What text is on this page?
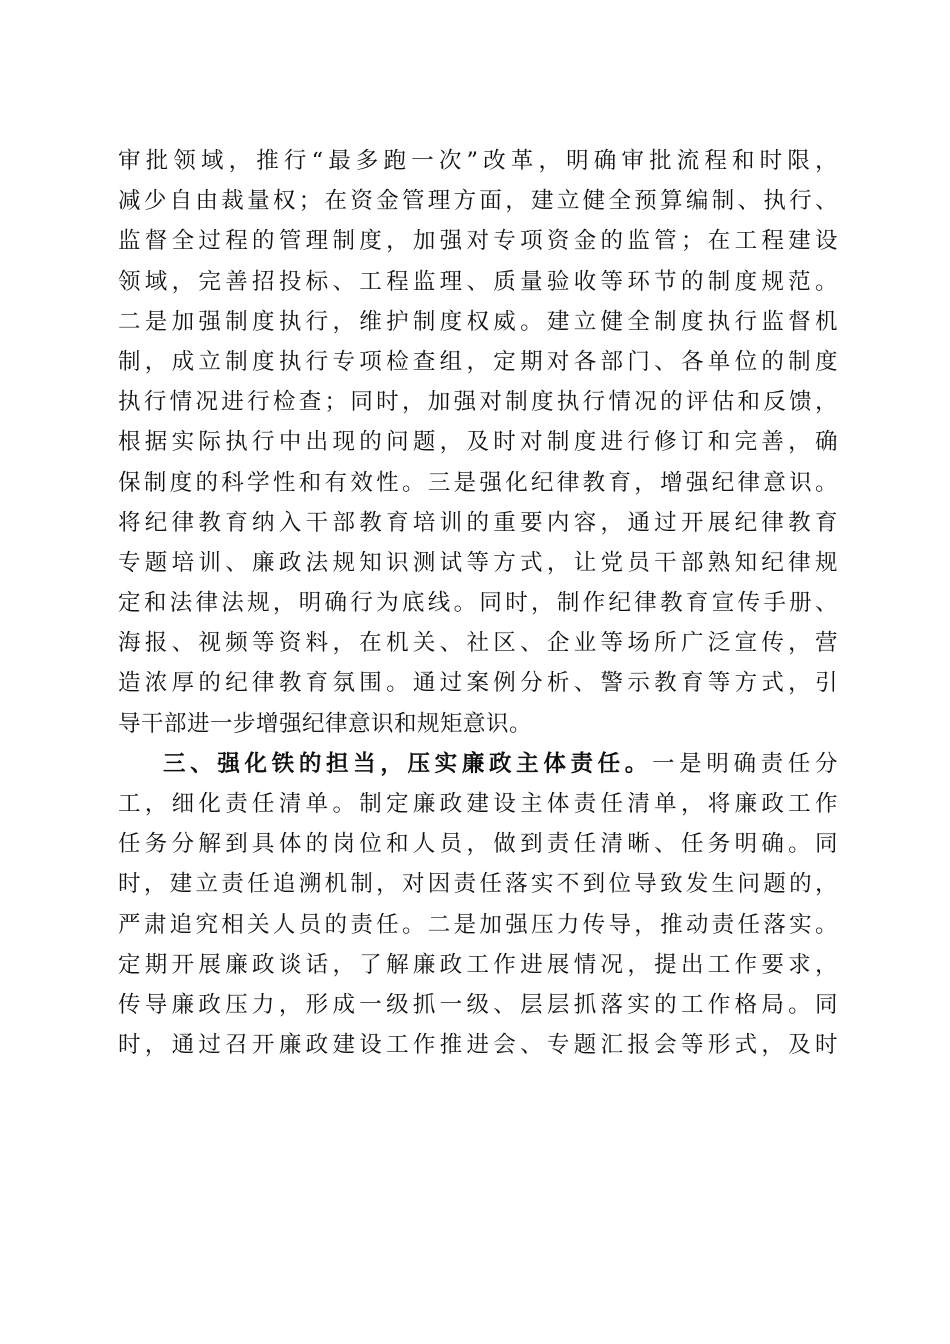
审批领域，推行“最多跑一次”改革，明确审批流程和时限，
减少自由裁量权；在资金管理方面，建立健全预算编制、执行、
监督全过程的管理制度，加强对专项资金的监管；在工程建设
领域，完善招投标、工程监理、质量验收等环节的制度规范。
二是加强制度执行，维护制度权威。建立健全制度执行监督机
制，成立制度执行专项检查组，定期对各部门、各单位的制度
执行情况进行检查；同时，加强对制度执行情况的评估和反馈，
根据实际执行中出现的问题，及时对制度进行修订和完善，确
保制度的科学性和有效性。三是强化纪律教育，增强纪律意识。
将纪律教育纳入干部教育培训的重要内容，通过开展纪律教育
专题培训、廉政法规知识测试等方式，让党员干部熟知纪律规
定和法律法规，明确行为底线。同时，制作纪律教育宣传手册、
海报、视频等资料，在机关、社区、企业等场所广泛宣传，营
造浓厚的纪律教育氛围。通过案例分析、警示教育等方式，引
导干部进一步增强纪律意识和规矩意识。
三、强化铁的担当，压实廉政主体责任。一是明确责任分
工，细化责任清单。制定廉政建设主体责任清单，将廉政工作
任务分解到具体的岗位和人员，做到责任清晰、任务明确。同
时，建立责任追溯机制，对因责任落实不到位导致发生问题的，
严肃追究相关人员的责任。二是加强压力传导，推动责任落实。
定期开展廉政谈话，了解廉政工作进展情况，提出工作要求，
传导廉政压力，形成一级抓一级、层层抓落实的工作格局。同
时，通过召开廉政建设工作推进会、专题汇报会等形式，及时
